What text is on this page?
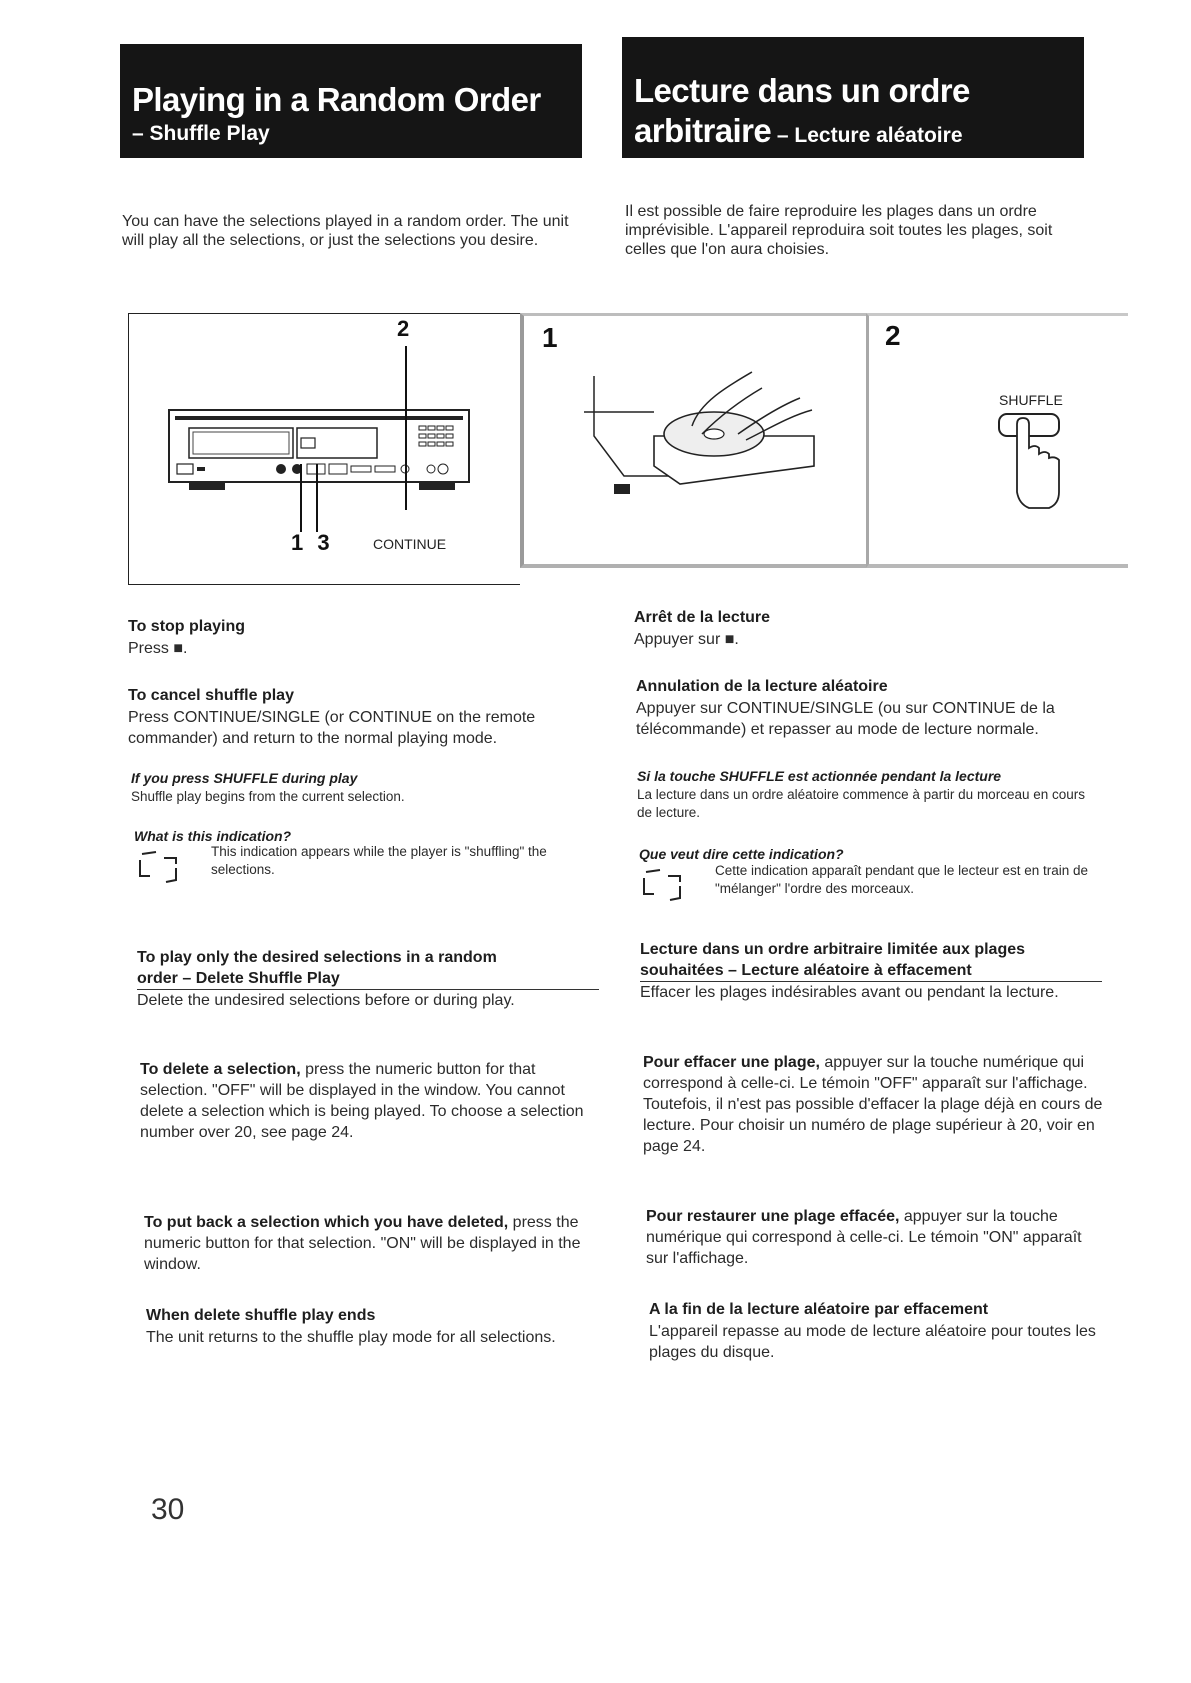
Playing in a Random Order
– Shuffle Play
Lecture dans un ordre
arbitraire – Lecture aléatoire
You can have the selections played in a random order. The unit will play all the selections, or just the selections you desire.
Il est possible de faire reproduire les plages dans un ordre imprévisible. L'appareil reproduira soit toutes les plages, soit celles que l'on aura choisies.
2
1 3	CONTINUE
1	2
SHUFFLE
To stop playing
Press ■.
To cancel shuffle play
Press CONTINUE/SINGLE (or CONTINUE on the remote commander) and return to the normal playing mode.
If you press SHUFFLE during play
Shuffle play begins from the current selection.
What is this indication?
This indication appears while the player is "shuffling" the selections.
To play only the desired selections in a random
order – Delete Shuffle Play
Delete the undesired selections before or during play.
To delete a selection, press the numeric button for that selection. "OFF" will be displayed in the window. You cannot delete a selection which is being played. To choose a selection number over 20, see page 24.
To put back a selection which you have deleted, press the numeric button for that selection. "ON" will be displayed in the window.
When delete shuffle play ends
The unit returns to the shuffle play mode for all selections.
Arrêt de la lecture
Appuyer sur ■.
Annulation de la lecture aléatoire
Appuyer sur CONTINUE/SINGLE (ou sur CONTINUE de la télécommande) et repasser au mode de lecture normale.
Si la touche SHUFFLE est actionnée pendant la lecture
La lecture dans un ordre aléatoire commence à partir du morceau en cours de lecture.
Que veut dire cette indication?
Cette indication apparaît pendant que le lecteur est en train de "mélanger" l'ordre des morceaux.
Lecture dans un ordre arbitraire limitée aux plages
souhaitées – Lecture aléatoire à effacement
Effacer les plages indésirables avant ou pendant la lecture.
Pour effacer une plage, appuyer sur la touche numérique qui correspond à celle-ci. Le témoin "OFF" apparaît sur l'affichage. Toutefois, il n'est pas possible d'effacer la plage déjà en cours de lecture. Pour choisir un numéro de plage supérieur à 20, voir en page 24.
Pour restaurer une plage effacée, appuyer sur la touche numérique qui correspond à celle-ci. Le témoin "ON" apparaît sur l'affichage.
A la fin de la lecture aléatoire par effacement
L'appareil repasse au mode de lecture aléatoire pour toutes les plages du disque.
30
